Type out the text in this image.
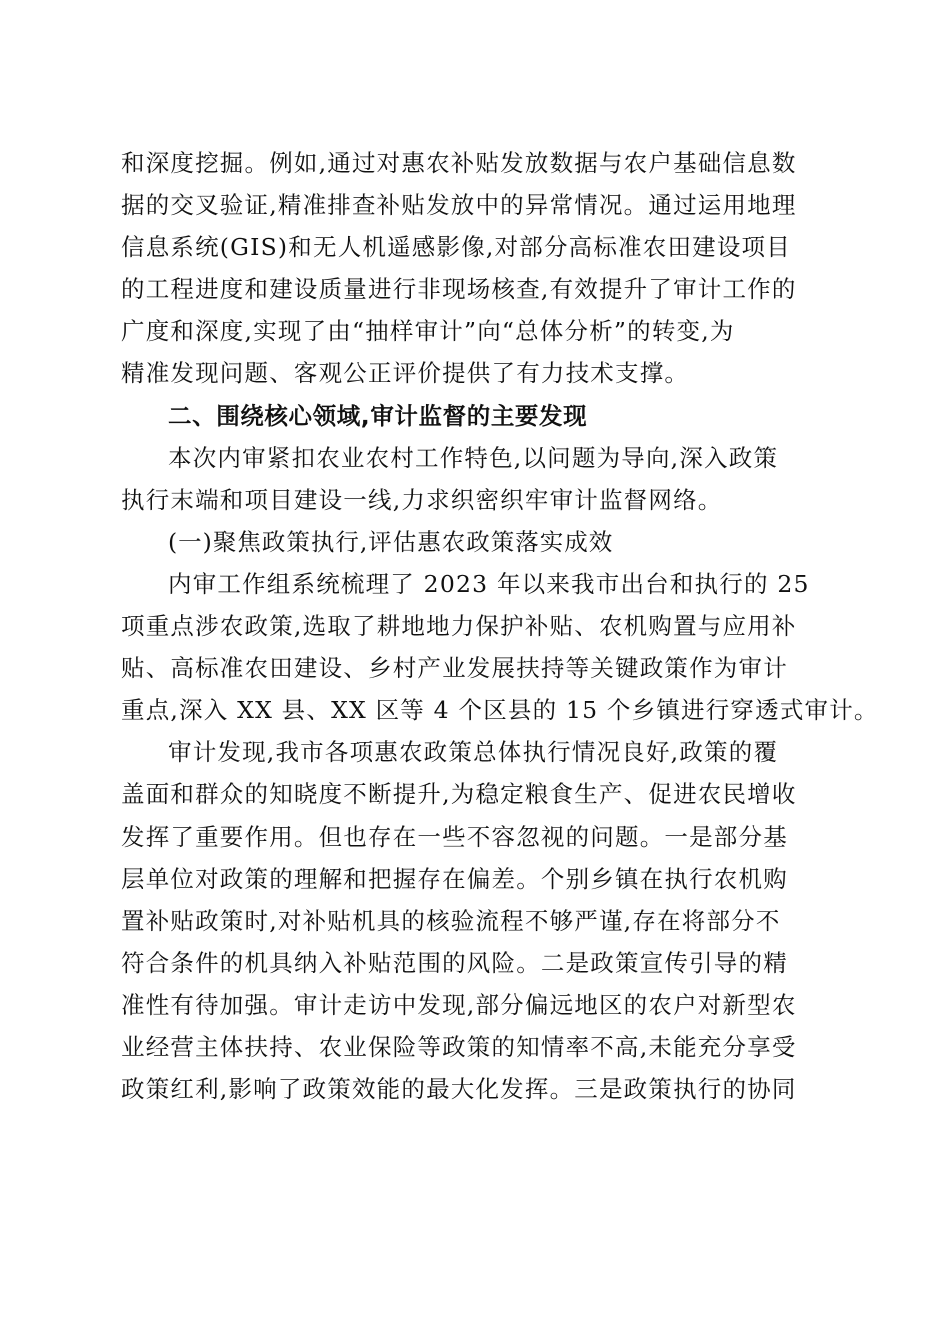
和深度挖掘。例如,通过对惠农补贴发放数据与农户基础信息数
据的交叉验证,精准排查补贴发放中的异常情况。通过运用地理
信息系统(GIS)和无人机遥感影像,对部分高标准农田建设项目
的工程进度和建设质量进行非现场核查,有效提升了审计工作的
广度和深度,实现了由“抽样审计”向“总体分析”的转变,为
精准发现问题、客观公正评价提供了有力技术支撑。
二、围绕核心领域,审计监督的主要发现
本次内审紧扣农业农村工作特色,以问题为导向,深入政策
执行末端和项目建设一线,力求织密织牢审计监督网络。
(一)聚焦政策执行,评估惠农政策落实成效
内审工作组系统梳理了 2023 年以来我市出台和执行的 25
项重点涉农政策,选取了耕地地力保护补贴、农机购置与应用补
贴、高标准农田建设、乡村产业发展扶持等关键政策作为审计
重点,深入 XX 县、XX 区等 4 个区县的 15 个乡镇进行穿透式审计。
审计发现,我市各项惠农政策总体执行情况良好,政策的覆
盖面和群众的知晓度不断提升,为稳定粮食生产、促进农民增收
发挥了重要作用。但也存在一些不容忽视的问题。一是部分基
层单位对政策的理解和把握存在偏差。个别乡镇在执行农机购
置补贴政策时,对补贴机具的核验流程不够严谨,存在将部分不
符合条件的机具纳入补贴范围的风险。二是政策宣传引导的精
准性有待加强。审计走访中发现,部分偏远地区的农户对新型农
业经营主体扶持、农业保险等政策的知情率不高,未能充分享受
政策红利,影响了政策效能的最大化发挥。三是政策执行的协同
